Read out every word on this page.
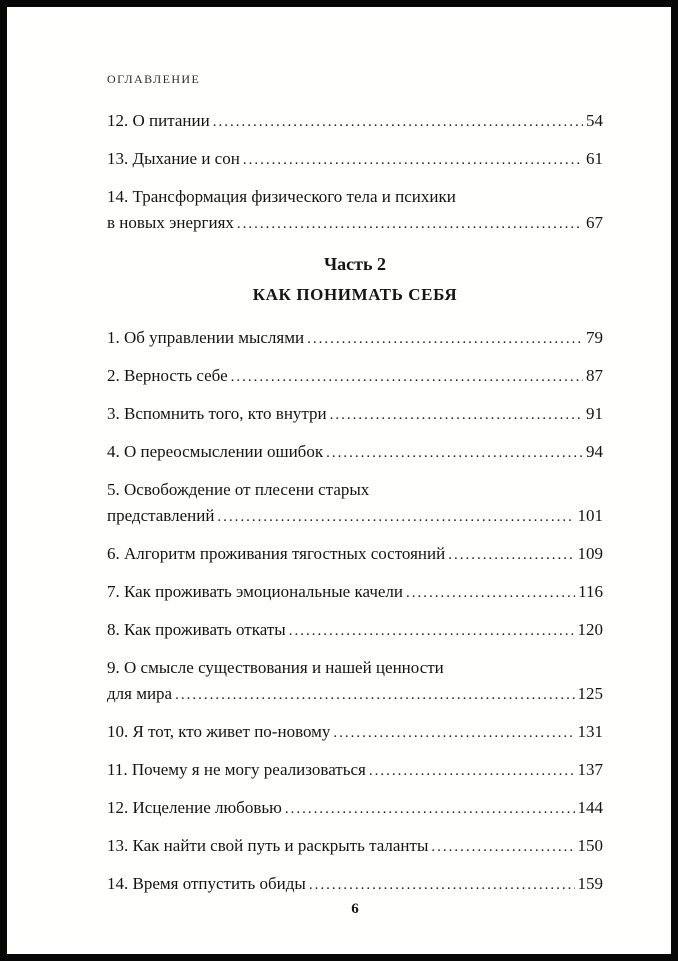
ОГЛАВЛЕНИЕ
12. О питании .....	54
13. Дыхание и сон .....	61
14. Трансформация физического тела и психики
в новых энергиях .....	67
Часть 2
КАК ПОНИМАТЬ СЕБЯ
1. Об управлении мыслями .....	79
2. Верность себе .....	87
3. Вспомнить того, кто внутри .....	91
4. О переосмыслении ошибок .....	94
5. Освобождение от плесени старых
представлений .....	101
6. Алгоритм проживания тягостных состояний .....	109
7. Как проживать эмоциональные качели .....	116
8. Как проживать откаты .....	120
9. О смысле существования и нашей ценности
для мира .....	125
10. Я тот, кто живет по-новому .....	131
11. Почему я не могу реализоваться .....	137
12. Исцеление любовью .....	144
13. Как найти свой путь и раскрыть таланты .....	150
14. Время отпустить обиды .....	159
6
